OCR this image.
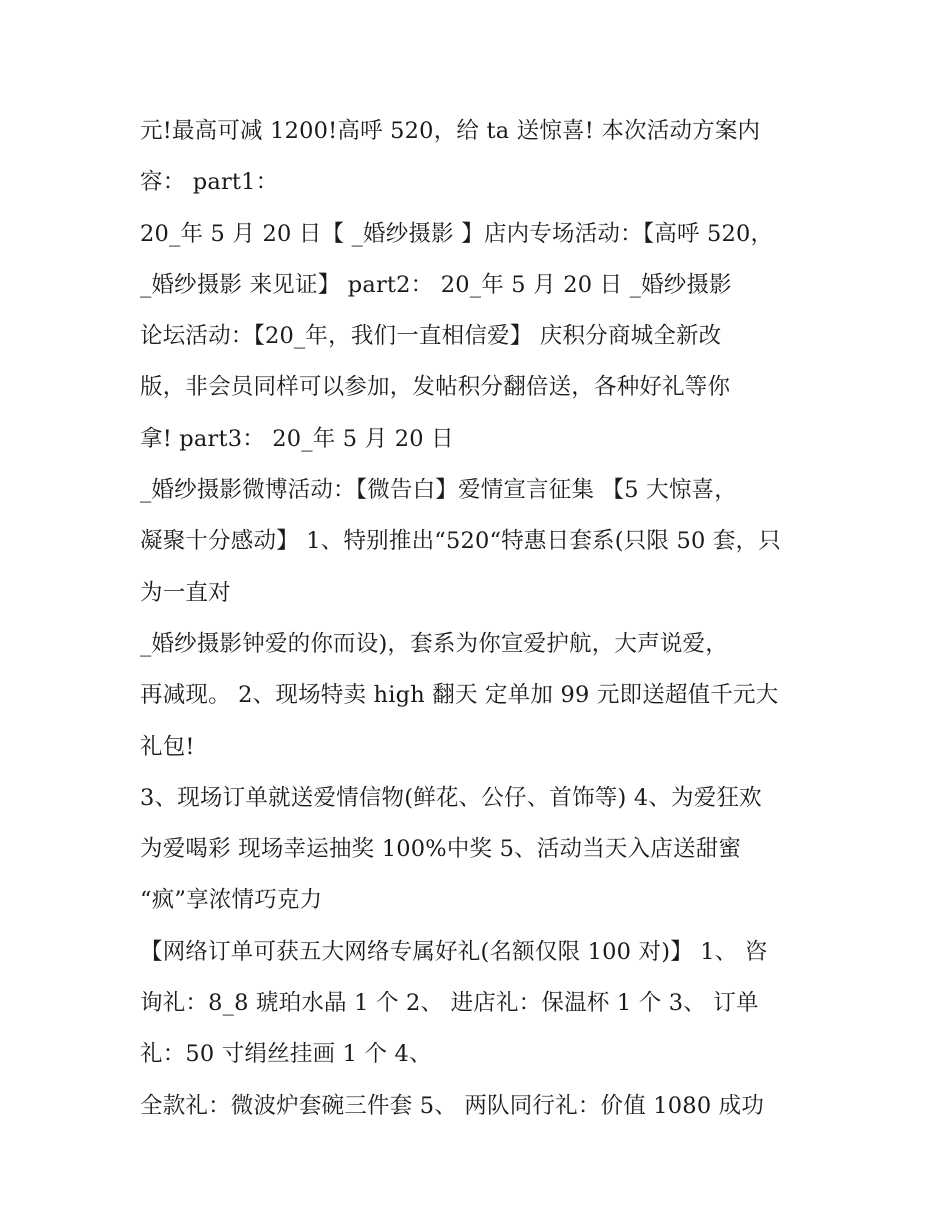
元!最高可减 1200!高呼 520，给 ta 送惊喜! 本次活动方案内
容： part1：
20_年 5 月 20 日【 _婚纱摄影 】店内专场活动：【高呼 520，
_婚纱摄影 来见证】 part2： 20_年 5 月 20 日 _婚纱摄影
论坛活动：【20_年，我们一直相信爱】 庆积分商城全新改
版，非会员同样可以参加，发帖积分翻倍送，各种好礼等你
拿! part3： 20_年 5 月 20 日
_婚纱摄影微博活动：【微告白】爱情宣言征集 【5 大惊喜，
凝聚十分感动】 1、特别推出“520“特惠日套系(只限 50 套，只
为一直对
_婚纱摄影钟爱的你而设)，套系为你宣爱护航，大声说爱，
再减现。 2、现场特卖 high 翻天 定单加 99 元即送超值千元大
礼包!
3、现场订单就送爱情信物(鲜花、公仔、首饰等) 4、为爱狂欢
为爱喝彩 现场幸运抽奖 100%中奖 5、活动当天入店送甜蜜
“疯”享浓情巧克力
【网络订单可获五大网络专属好礼(名额仅限 100 对)】 1、 咨
询礼：8_8 琥珀水晶 1 个 2、 进店礼：保温杯 1 个 3、 订单
礼：50 寸绢丝挂画 1 个 4、
全款礼：微波炉套碗三件套 5、 两队同行礼：价值 1080 成功
